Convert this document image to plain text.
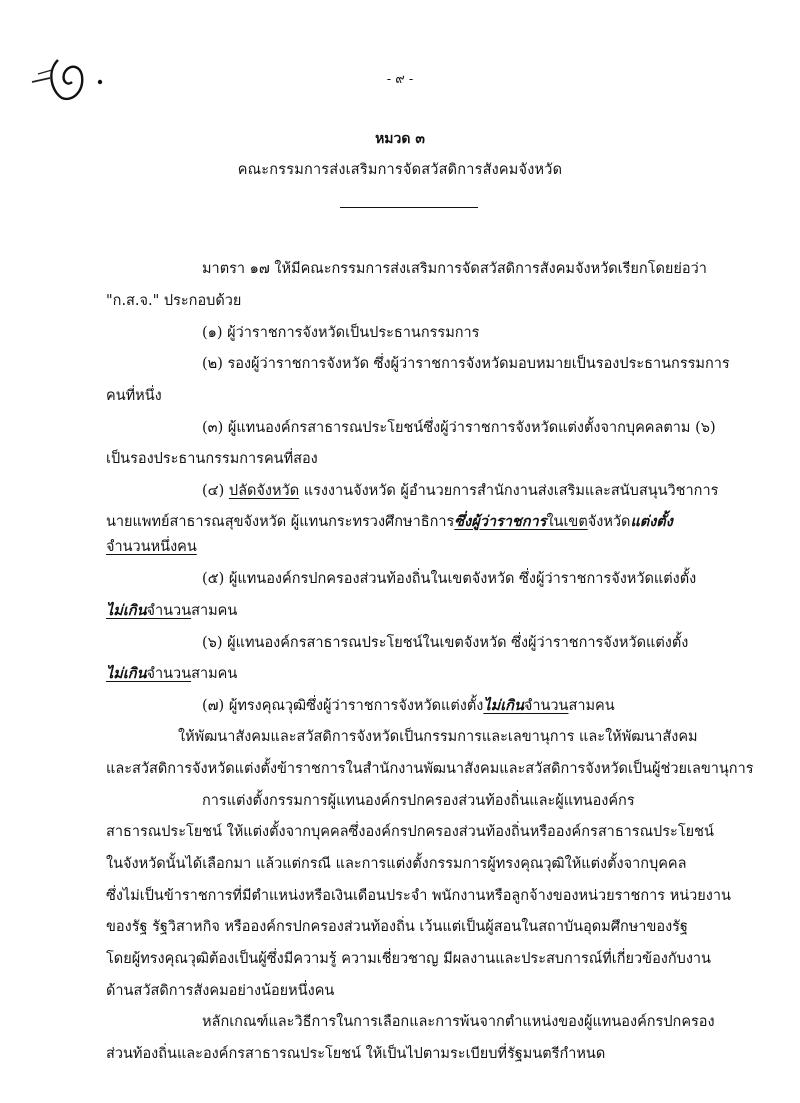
- ๙ -
หมวด ๓
คณะกรรมการส่งเสริมการจัดสวัสดิการสังคมจังหวัด
มาตรา ๑๗ ให้มีคณะกรรมการส่งเสริมการจัดสวัสดิการสังคมจังหวัดเรียกโดยย่อว่า
"ก.ส.จ." ประกอบด้วย
(๑) ผู้ว่าราชการจังหวัดเป็นประธานกรรมการ
(๒) รองผู้ว่าราชการจังหวัด ซึ่งผู้ว่าราชการจังหวัดมอบหมายเป็นรองประธานกรรมการ
คนที่หนึ่ง
(๓) ผู้แทนองค์กรสาธารณประโยชน์ซึ่งผู้ว่าราชการจังหวัดแต่งตั้งจากบุคคลตาม (๖)
เป็นรองประธานกรรมการคนที่สอง
(๔) ปลัดจังหวัด แรงงานจังหวัด ผู้อำนวยการสำนักงานส่งเสริมและสนับสนุนวิชาการ
นายแพทย์สาธารณสุขจังหวัด ผู้แทนกระทรวงศึกษาธิการซึ่งผู้ว่าราชการในเขตจังหวัดแต่งตั้ง
จำนวนหนึ่งคน
(๕) ผู้แทนองค์กรปกครองส่วนท้องถิ่นในเขตจังหวัด ซึ่งผู้ว่าราชการจังหวัดแต่งตั้ง
ไม่เกินจำนวนสามคน
(๖) ผู้แทนองค์กรสาธารณประโยชน์ในเขตจังหวัด ซึ่งผู้ว่าราชการจังหวัดแต่งตั้ง
ไม่เกินจำนวนสามคน
(๗) ผู้ทรงคุณวุฒิซึ่งผู้ว่าราชการจังหวัดแต่งตั้งไม่เกินจำนวนสามคน
ให้พัฒนาสังคมและสวัสดิการจังหวัดเป็นกรรมการและเลขานุการ และให้พัฒนาสังคม
และสวัสดิการจังหวัดแต่งตั้งข้าราชการในสำนักงานพัฒนาสังคมและสวัสดิการจังหวัดเป็นผู้ช่วยเลขานุการ
การแต่งตั้งกรรมการผู้แทนองค์กรปกครองส่วนท้องถิ่นและผู้แทนองค์กร
สาธารณประโยชน์ ให้แต่งตั้งจากบุคคลซึ่งองค์กรปกครองส่วนท้องถิ่นหรือองค์กรสาธารณประโยชน์
ในจังหวัดนั้นได้เลือกมา แล้วแต่กรณี และการแต่งตั้งกรรมการผู้ทรงคุณวุฒิให้แต่งตั้งจากบุคคล
ซึ่งไม่เป็นข้าราชการที่มีตำแหน่งหรือเงินเดือนประจำ พนักงานหรือลูกจ้างของหน่วยราชการ หน่วยงาน
ของรัฐ รัฐวิสาหกิจ หรือองค์กรปกครองส่วนท้องถิ่น เว้นแต่เป็นผู้สอนในสถาบันอุดมศึกษาของรัฐ
โดยผู้ทรงคุณวุฒิต้องเป็นผู้ซึ่งมีความรู้ ความเชี่ยวชาญ มีผลงานและประสบการณ์ที่เกี่ยวข้องกับงาน
ด้านสวัสดิการสังคมอย่างน้อยหนึ่งคน
หลักเกณฑ์และวิธีการในการเลือกและการพ้นจากตำแหน่งของผู้แทนองค์กรปกครอง
ส่วนท้องถิ่นและองค์กรสาธารณประโยชน์ ให้เป็นไปตามระเบียบที่รัฐมนตรีกำหนด
